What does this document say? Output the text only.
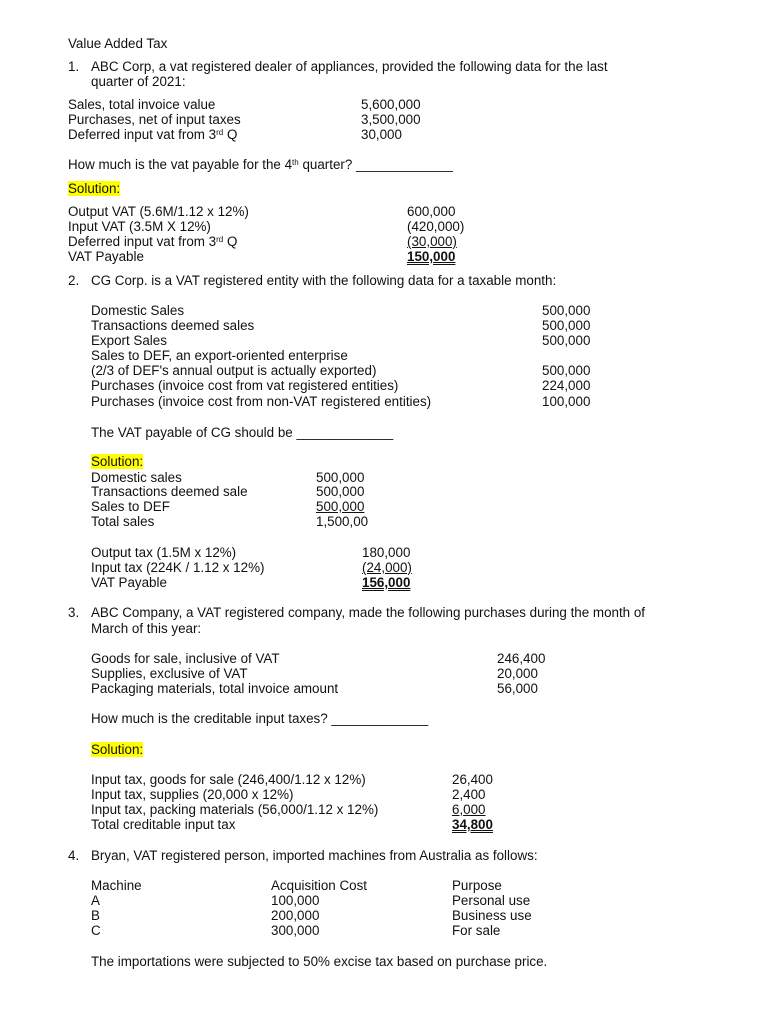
Value Added Tax
1. ABC Corp, a vat registered dealer of appliances, provided the following data for the last
quarter of 2021:
Sales, total invoice value	5,600,000
Purchases, net of input taxes	3,500,000
Deferred input vat from 3rd Q	30,000
How much is the vat payable for the 4th quarter? _____________
Solution:
Output VAT (5.6M/1.12 x 12%)	600,000
Input VAT (3.5M X 12%)	(420,000)
Deferred input vat from 3rd Q	(30,000)
VAT Payable	150,000
2. CG Corp. is a VAT registered entity with the following data for a taxable month:
Domestic Sales	500,000
Transactions deemed sales	500,000
Export Sales	500,000
Sales to DEF, an export-oriented enterprise
(2/3 of DEF's annual output is actually exported)	500,000
Purchases (invoice cost from vat registered entities)	224,000
Purchases (invoice cost from non-VAT registered entities)	100,000
The VAT payable of CG should be _____________
Solution:
Domestic sales	500,000
Transactions deemed sale	500,000
Sales to DEF	500,000
Total sales	1,500,00
Output tax (1.5M x 12%)	180,000
Input tax (224K / 1.12 x 12%)	(24,000)
VAT Payable	156,000
3. ABC Company, a VAT registered company, made the following purchases during the month of
March of this year:
Goods for sale, inclusive of VAT	246,400
Supplies, exclusive of VAT	20,000
Packaging materials, total invoice amount	56,000
How much is the creditable input taxes? _____________
Solution:
Input tax, goods for sale (246,400/1.12 x 12%)	26,400
Input tax, supplies (20,000 x 12%)	2,400
Input tax, packing materials (56,000/1.12 x 12%)	6,000
Total creditable input tax	34,800
4. Bryan, VAT registered person, imported machines from Australia as follows:
Machine	Acquisition Cost	Purpose
A	100,000	Personal use
B	200,000	Business use
C	300,000	For sale
The importations were subjected to 50% excise tax based on purchase price.
